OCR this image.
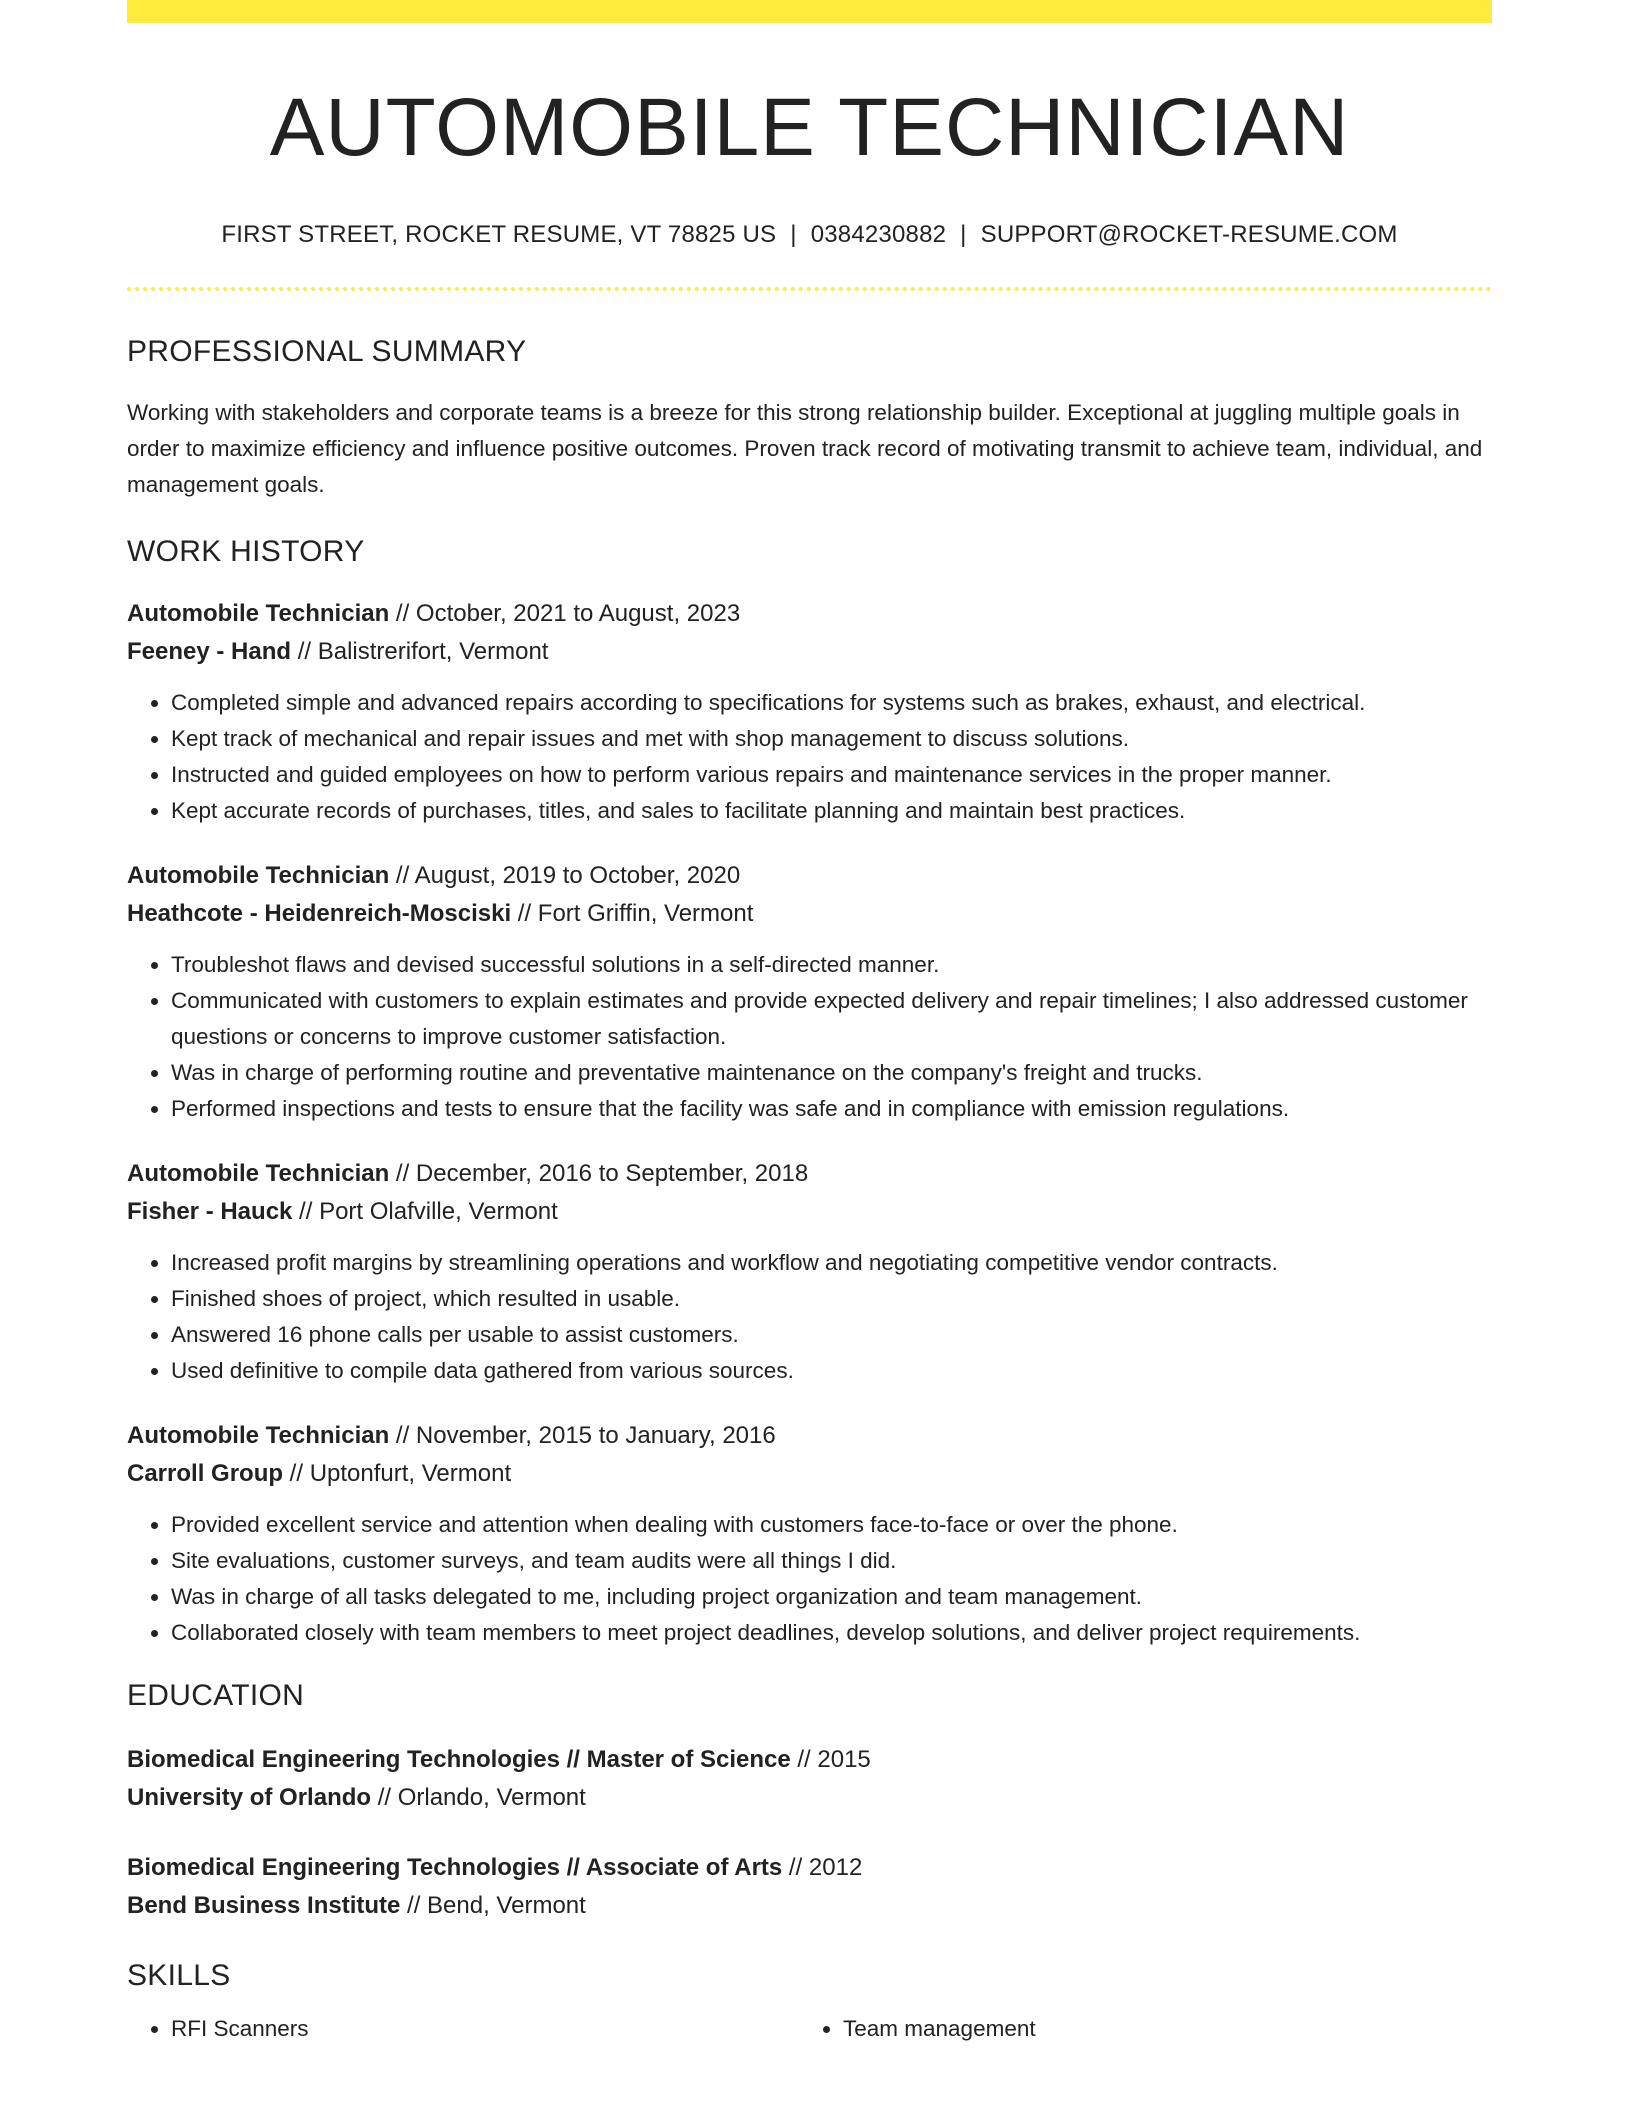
AUTOMOBILE TECHNICIAN
FIRST STREET, ROCKET RESUME, VT 78825 US | 0384230882 | SUPPORT@ROCKET-RESUME.COM
PROFESSIONAL SUMMARY

Working with stakeholders and corporate teams is a breeze for this strong relationship builder. Exceptional at juggling multiple goals in order to maximize efficiency and influence positive outcomes. Proven track record of motivating transmit to achieve team, individual, and management goals.

WORK HISTORY
Automobile Technician // October, 2021 to August, 2023
Feeney - Hand // Balistrerifort, Vermont
• Completed simple and advanced repairs according to specifications for systems such as brakes, exhaust, and electrical.
• Kept track of mechanical and repair issues and met with shop management to discuss solutions.
• Instructed and guided employees on how to perform various repairs and maintenance services in the proper manner.
• Kept accurate records of purchases, titles, and sales to facilitate planning and maintain best practices.
Automobile Technician // August, 2019 to October, 2020
Heathcote - Heidenreich-Mosciski // Fort Griffin, Vermont
• Troubleshot flaws and devised successful solutions in a self-directed manner.
• Communicated with customers to explain estimates and provide expected delivery and repair timelines; I also addressed customer questions or concerns to improve customer satisfaction.
• Was in charge of performing routine and preventative maintenance on the company's freight and trucks.
• Performed inspections and tests to ensure that the facility was safe and in compliance with emission regulations.
Automobile Technician // December, 2016 to September, 2018
Fisher - Hauck // Port Olafville, Vermont
• Increased profit margins by streamlining operations and workflow and negotiating competitive vendor contracts.
• Finished shoes of project, which resulted in usable.
• Answered 16 phone calls per usable to assist customers.
• Used definitive to compile data gathered from various sources.
Automobile Technician // November, 2015 to January, 2016
Carroll Group // Uptonfurt, Vermont
• Provided excellent service and attention when dealing with customers face-to-face or over the phone.
• Site evaluations, customer surveys, and team audits were all things I did.
• Was in charge of all tasks delegated to me, including project organization and team management.
• Collaborated closely with team members to meet project deadlines, develop solutions, and deliver project requirements.
EDUCATION
Biomedical Engineering Technologies // Master of Science // 2015
University of Orlando // Orlando, Vermont
Biomedical Engineering Technologies // Associate of Arts // 2012
Bend Business Institute // Bend, Vermont
SKILLS
• RFI Scanners
•	Team management
